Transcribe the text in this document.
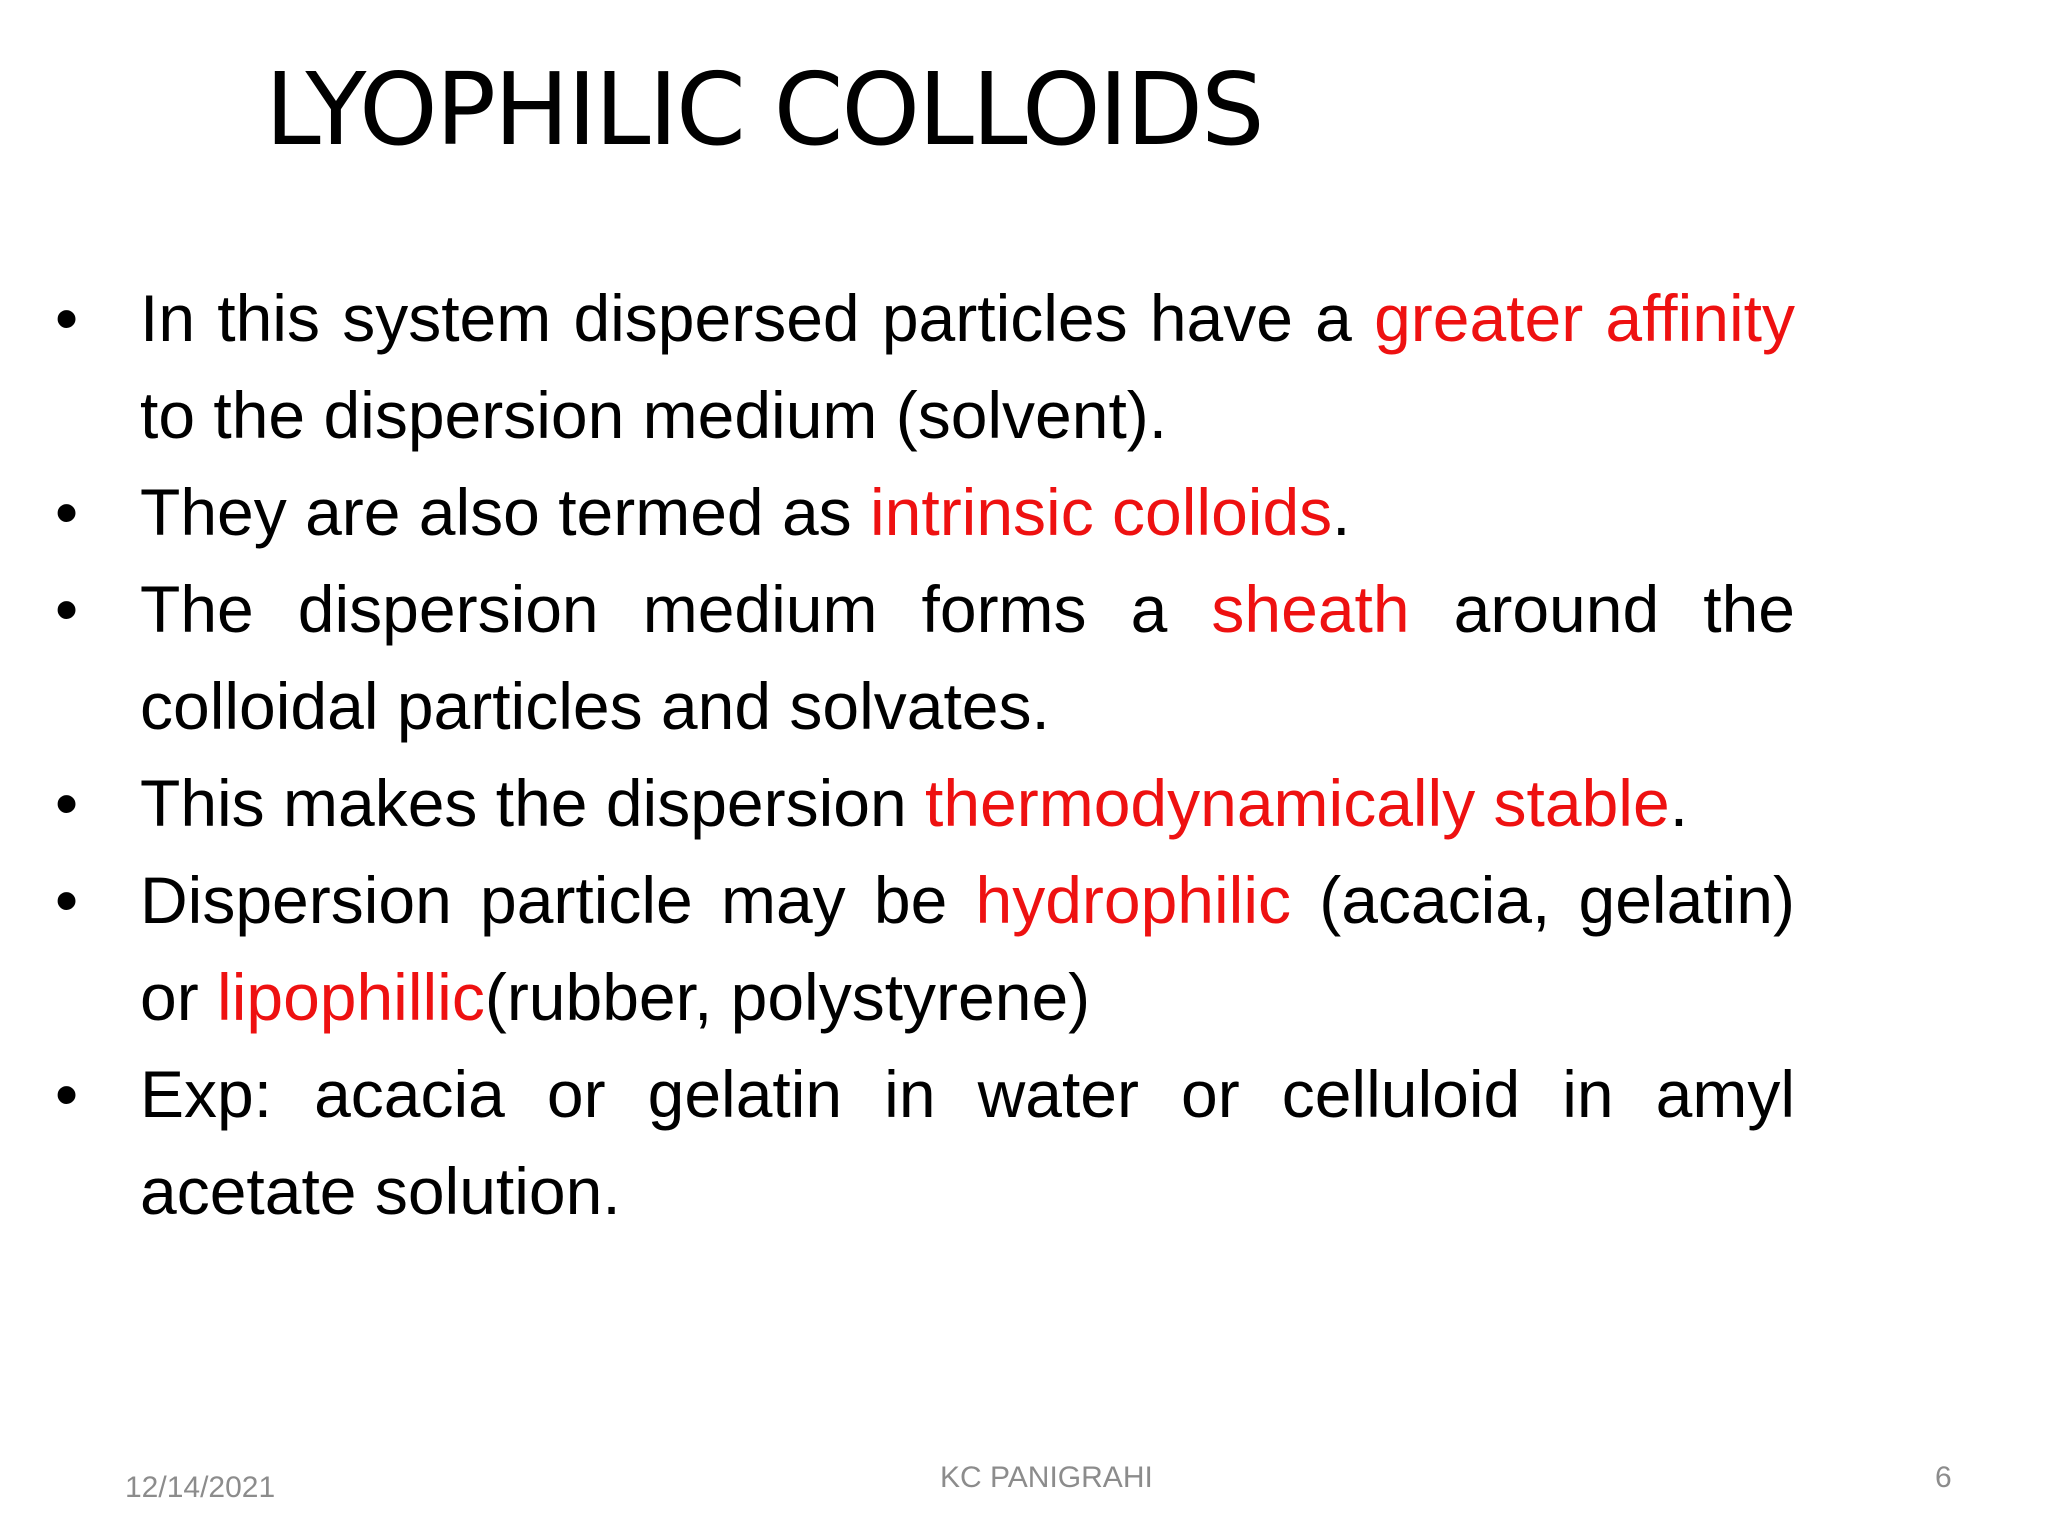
LYOPHILIC COLLOIDS
• In this system dispersed particles have a greater affinity to the dispersion medium (solvent).
• They are also termed as intrinsic colloids.
• The dispersion medium forms a sheath around the colloidal particles and solvates.
• This makes the dispersion thermodynamically stable.
• Dispersion particle may be hydrophilic (acacia, gelatin) or lipophillic(rubber, polystyrene)
• Exp: acacia or gelatin in water or celluloid in amyl acetate solution.
12/14/2021	KC PANIGRAHI	6
